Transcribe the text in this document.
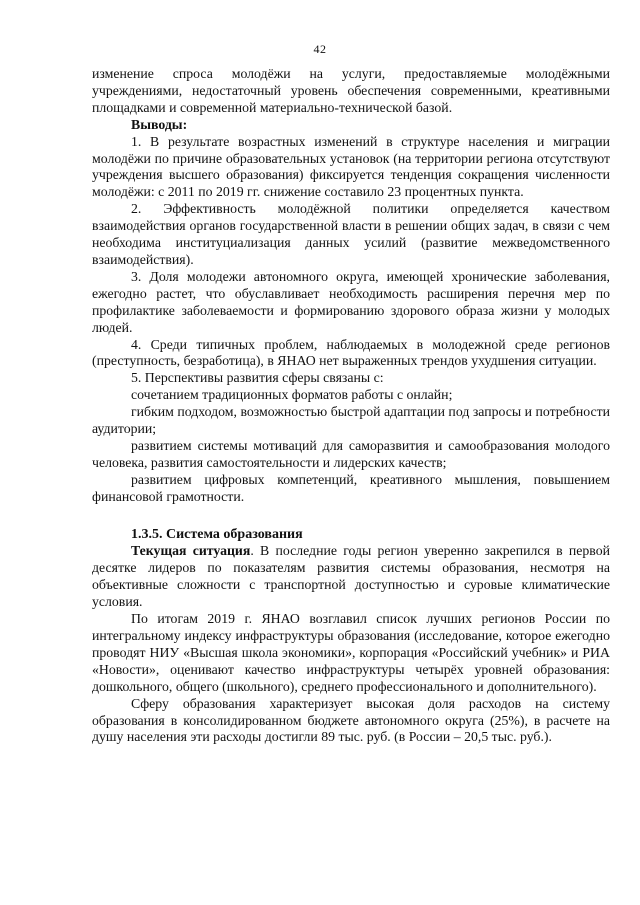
42

изменение спроса молодёжи на услуги, предоставляемые молодёжными учреждениями, недостаточный уровень обеспечения современными, креативными площадками и современной материально-технической базой.

Выводы:

1. В результате возрастных изменений в структуре населения и миграции молодёжи по причине образовательных установок (на территории региона отсутствуют учреждения высшего образования) фиксируется тенденция сокращения численности молодёжи: с 2011 по 2019 гг. снижение составило 23 процентных пункта.

2. Эффективность молодёжной политики определяется качеством взаимодействия органов государственной власти в решении общих задач, в связи с чем необходима институциализация данных усилий (развитие межведомственного взаимодействия).

3. Доля молодежи автономного округа, имеющей хронические заболевания, ежегодно растет, что обуславливает необходимость расширения перечня мер по профилактике заболеваемости и формированию здорового образа жизни у молодых людей.

4. Среди типичных проблем, наблюдаемых в молодежной среде регионов (преступность, безработица), в ЯНАО нет выраженных трендов ухудшения ситуации.

5. Перспективы развития сферы связаны с:

сочетанием традиционных форматов работы с онлайн;

гибким подходом, возможностью быстрой адаптации под запросы и потребности аудитории;

развитием системы мотиваций для саморазвития и самообразования молодого человека, развития самостоятельности и лидерских качеств;

развитием цифровых компетенций, креативного мышления, повышением финансовой грамотности.

1.3.5. Система образования

Текущая ситуация. В последние годы регион уверенно закрепился в первой десятке лидеров по показателям развития системы образования, несмотря на объективные сложности с транспортной доступностью и суровые климатические условия.

По итогам 2019 г. ЯНАО возглавил список лучших регионов России по интегральному индексу инфраструктуры образования (исследование, которое ежегодно проводят НИУ «Высшая школа экономики», корпорация «Российский учебник» и РИА «Новости», оценивают качество инфраструктуры четырёх уровней образования: дошкольного, общего (школьного), среднего профессионального и дополнительного).

Сферу образования характеризует высокая доля расходов на систему образования в консолидированном бюджете автономного округа (25%), в расчете на душу населения эти расходы достигли 89 тыс. руб. (в России – 20,5 тыс. руб.).
